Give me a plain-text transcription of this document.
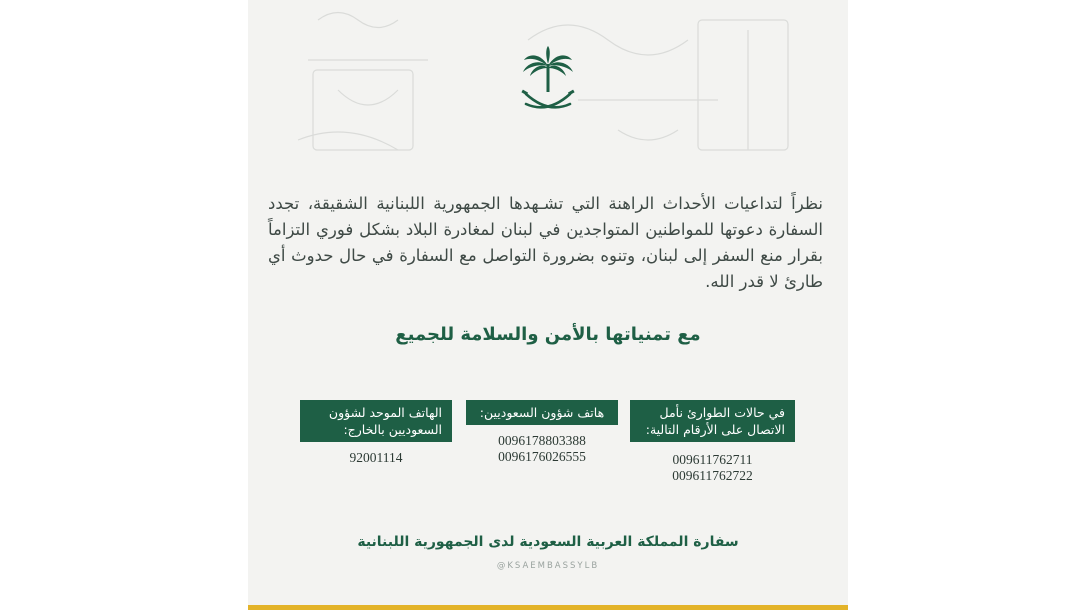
نظراً لتداعيات الأحداث الراهنة التي تشـهدها الجمهورية اللبنانية الشقيقة، تجدد السفارة دعوتها للمواطنين المتواجدين في لبنان لمغادرة البلاد بشكل فوري التزاماً بقرار منع السفر إلى لبنان، وتنوه بضرورة التواصل مع السفارة في حال حدوث أي طارئ لا قدر الله.

مع تمنياتها بالأمن والسلامة للجميع
في حالات الطوارئ نأمل الاتصال على الأرقام التالية:
009611762711
009611762722
هاتف شؤون السعوديين:
0096178803388
0096176026555
الهاتف الموحد لشؤون السعوديين بالخارج:
92001114
سفارة المملكة العربية السعودية لدى الجمهورية اللبنانية
@KSAEMBASSYLB
